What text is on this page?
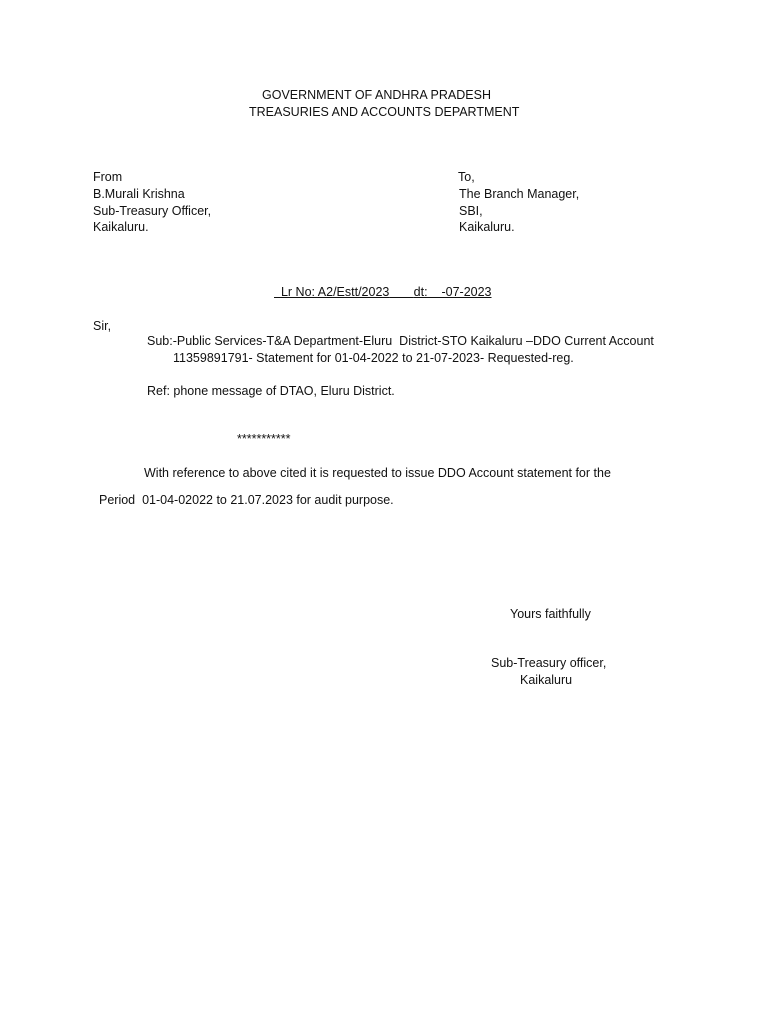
GOVERNMENT OF ANDHRA PRADESH
TREASURIES AND ACCOUNTS DEPARTMENT
From
B.Murali Krishna
Sub-Treasury Officer,
Kaikaluru.
To,
The Branch Manager,
SBI,
Kaikaluru.

Lr No: A2/Estt/2023 dt:    -07-2023

Sir,
Sub:-Public Services-T&A Department-Eluru  District-STO Kaikaluru –DDO Current Account
11359891791- Statement for 01-04-2022 to 21-07-2023- Requested-reg.
Ref: phone message of DTAO, Eluru District.
***********
With reference to above cited it is requested to issue DDO Account statement for the
Period  01-04-02022 to 21.07.2023 for audit purpose.
Yours faithfully
Sub-Treasury officer,
Kaikaluru
